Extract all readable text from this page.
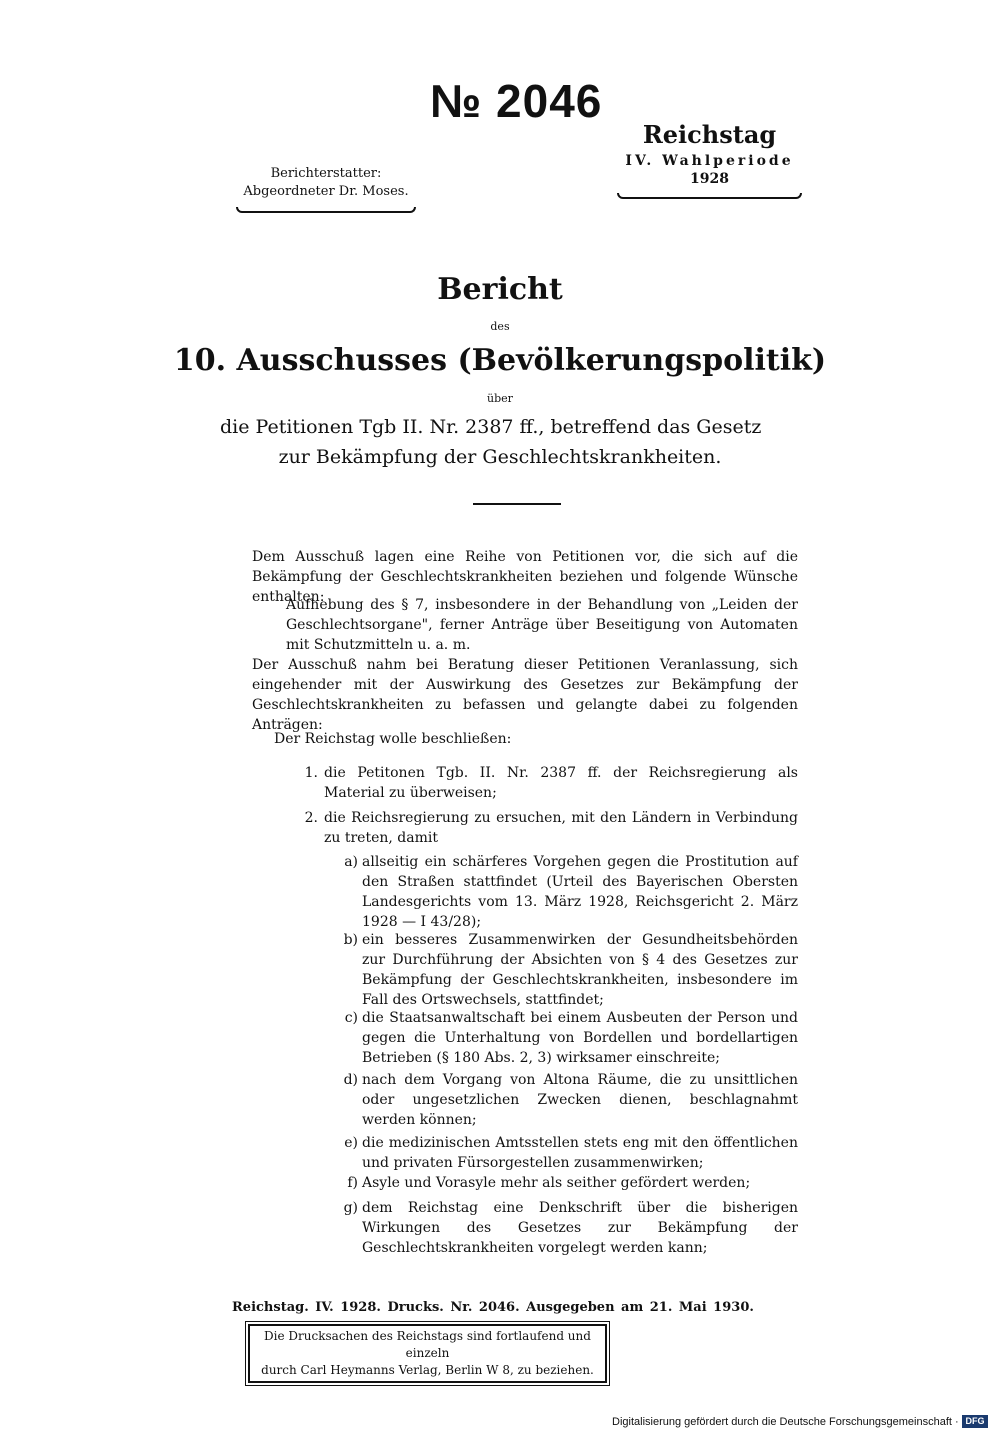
№ 2046
Reichstag
IV. Wahlperiode
1928
Berichterstatter:
Abgeordneter Dr. Moses.
Bericht
des
10. Ausschusses (Bevölkerungspolitik)
über
die Petitionen Tgb II. Nr. 2387 ff., betreffend das Gesetz
zur Bekämpfung der Geschlechtskrankheiten.
Dem Ausschuß lagen eine Reihe von Petitionen vor, die sich auf die Bekämpfung der Geschlechtskrankheiten beziehen und folgende Wünsche enthalten:
Aufhebung des § 7, insbesondere in der Behandlung von „Leiden der Geschlechtsorgane", ferner Anträge über Beseitigung von Automaten mit Schutzmitteln u. a. m.
Der Ausschuß nahm bei Beratung dieser Petitionen Veranlassung, sich eingehender mit der Auswirkung des Gesetzes zur Bekämpfung der Geschlechtskrankheiten zu befassen und gelangte dabei zu folgenden Anträgen:
Der Reichstag wolle beschließen:
1. die Petitonen Tgb. II. Nr. 2387 ff. der Reichsregierung als Material zu überweisen;
2. die Reichsregierung zu ersuchen, mit den Ländern in Verbindung zu treten, damit
a) allseitig ein schärferes Vorgehen gegen die Prostitution auf den Straßen stattfindet (Urteil des Bayerischen Obersten Landesgerichts vom 13. März 1928, Reichsgericht 2. März 1928 — I 43/28);
b) ein besseres Zusammenwirken der Gesundheitsbehörden zur Durchführung der Absichten von § 4 des Gesetzes zur Bekämpfung der Geschlechtskrankheiten, insbesondere im Fall des Ortswechsels, stattfindet;
c) die Staatsanwaltschaft bei einem Ausbeuten der Person und gegen die Unterhaltung von Bordellen und bordellartigen Betrieben (§ 180 Abs. 2, 3) wirksamer einschreite;
d) nach dem Vorgang von Altona Räume, die zu unsittlichen oder ungesetzlichen Zwecken dienen, beschlagnahmt werden können;
e) die medizinischen Amtsstellen stets eng mit den öffentlichen und privaten Fürsorgestellen zusammenwirken;
f) Asyle und Vorasyle mehr als seither gefördert werden;
g) dem Reichstag eine Denkschrift über die bisherigen Wirkungen des Gesetzes zur Bekämpfung der Geschlechtskrankheiten vorgelegt werden kann;
Reichstag. IV. 1928. Drucks. Nr. 2046. Ausgegeben am 21. Mai 1930.
Die Drucksachen des Reichstags sind fortlaufend und einzeln
durch Carl Heymanns Verlag, Berlin W 8, zu beziehen.
Digitalisierung gefördert durch die Deutsche Forschungsgemeinschaft · DFG
